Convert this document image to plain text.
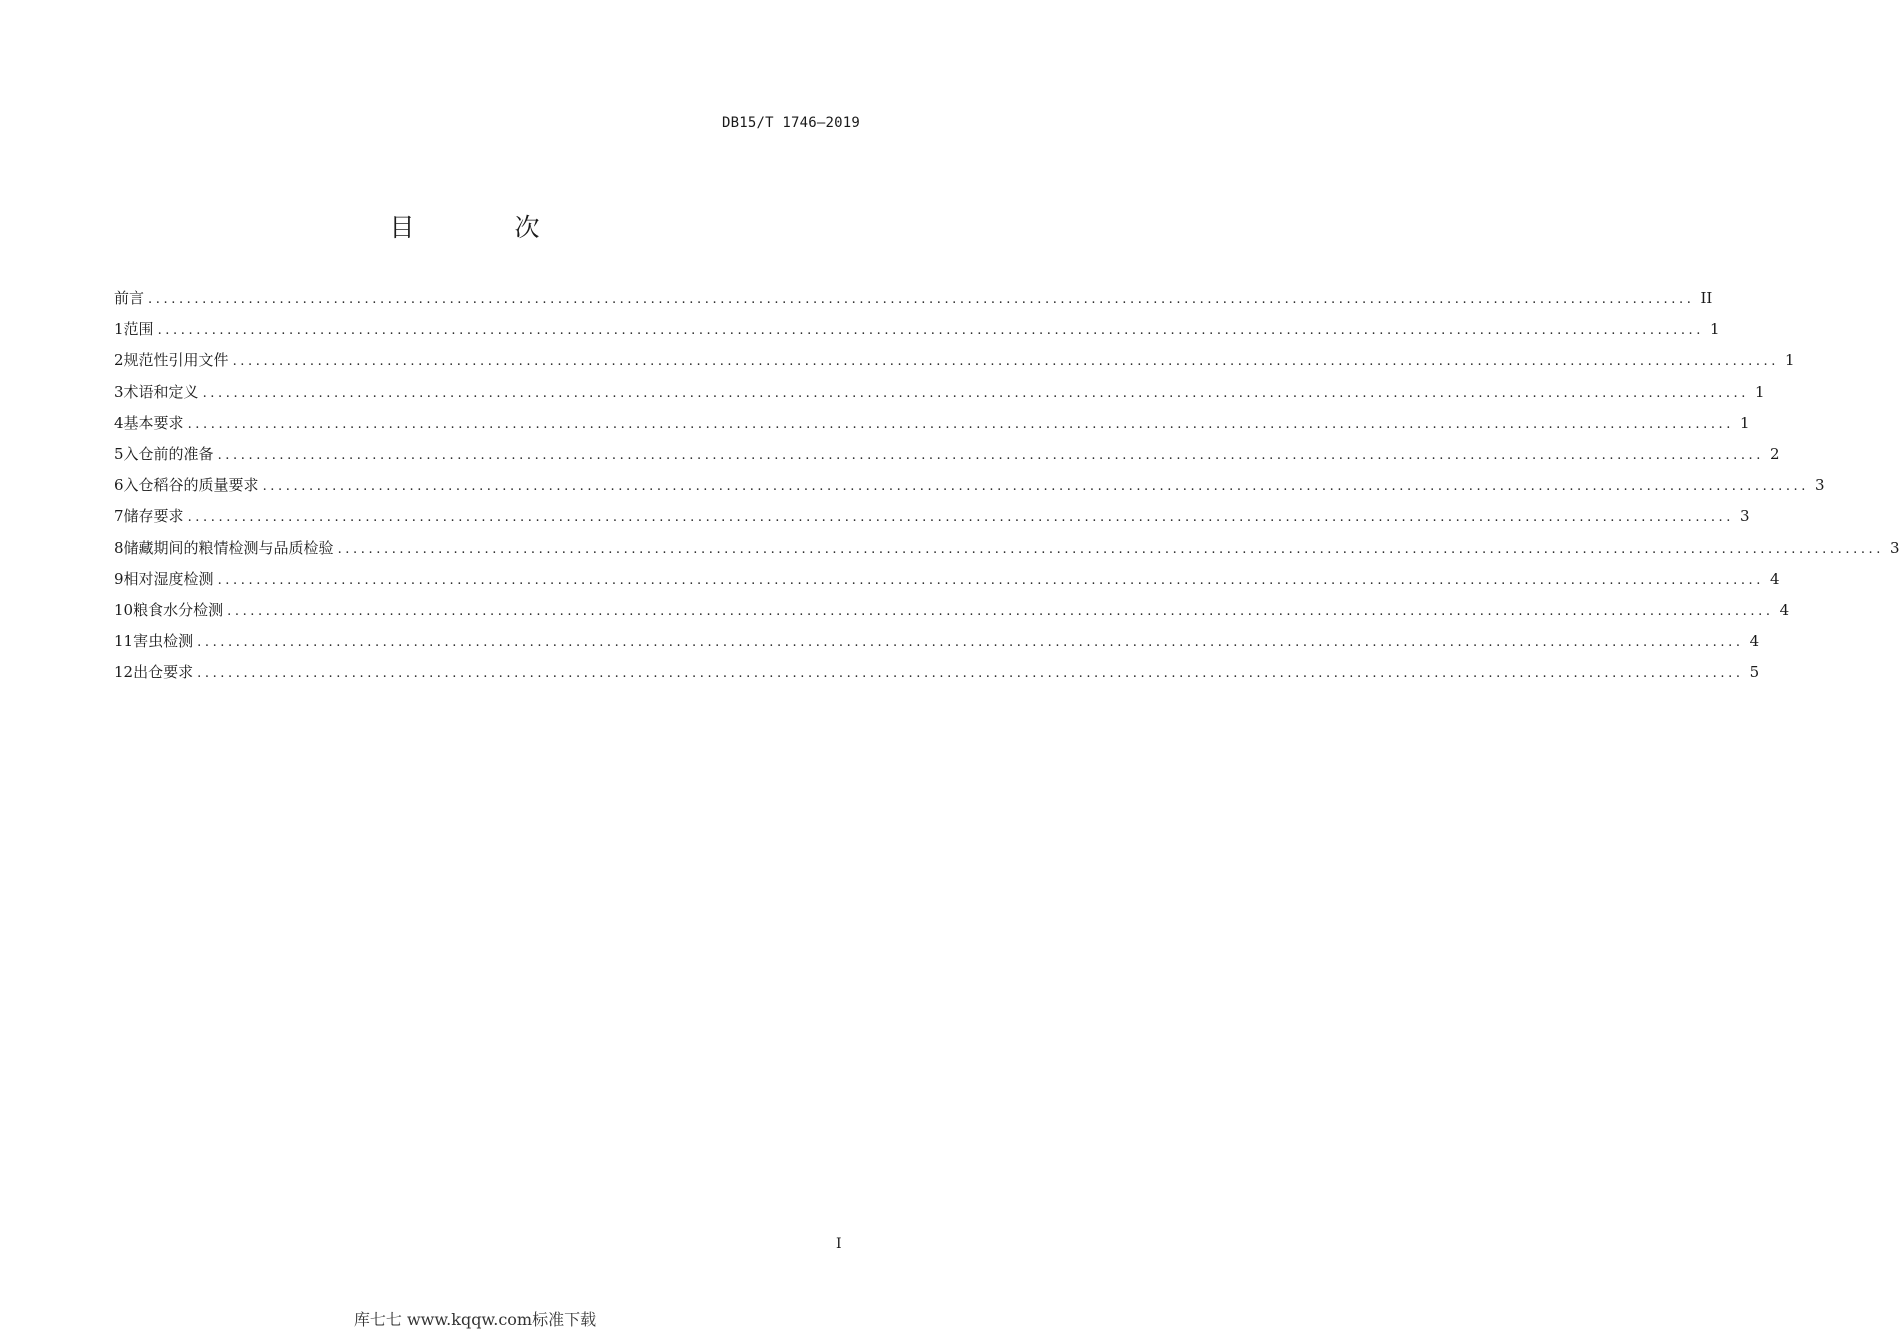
DB15/T 1746—2019
目 次
前言 ........................................................................................................................................................................................................ II
1 范围 ........................................................................................................................................................................................................ 1
2 规范性引用文件 ........................................................................................................................................................................................................ 1
3 术语和定义 ........................................................................................................................................................................................................ 1
4 基本要求 ........................................................................................................................................................................................................ 1
5 入仓前的准备 ........................................................................................................................................................................................................ 2
6 入仓稻谷的质量要求 ........................................................................................................................................................................................................ 3
7 储存要求 ........................................................................................................................................................................................................ 3
8 储藏期间的粮情检测与品质检验 ........................................................................................................................................................................................................ 3
9 相对湿度检测 ........................................................................................................................................................................................................ 4
10 粮食水分检测 ........................................................................................................................................................................................................ 4
11 害虫检测 ........................................................................................................................................................................................................ 4
12 出仓要求 ........................................................................................................................................................................................................ 5
I
库七七 www.kqqw.com标准下载
